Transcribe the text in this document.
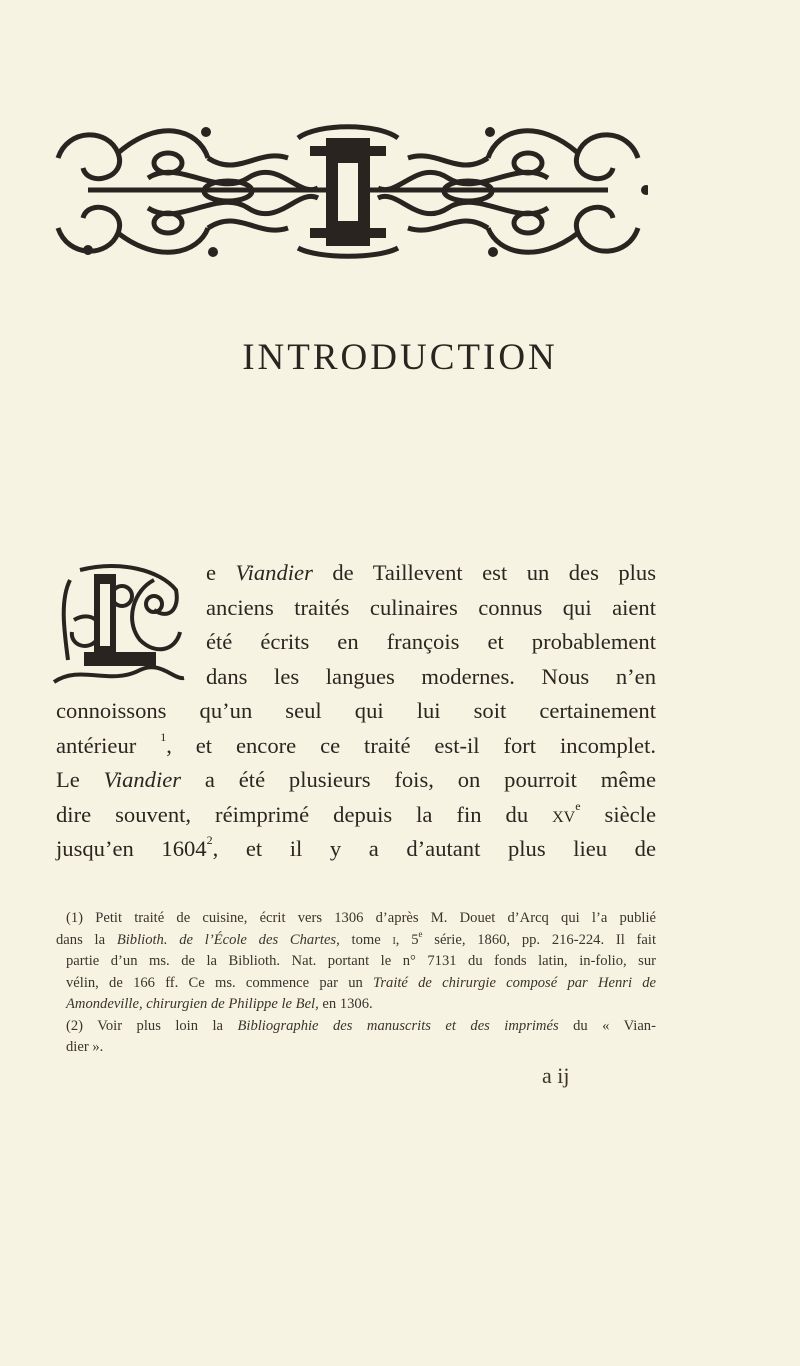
INTRODUCTION
e Viandier de Taillevent est un des plus
anciens traités culinaires connus qui aient
été écrits en françois et probablement
dans les langues modernes. Nous n’en
connoissons qu’un seul qui lui soit certainement
antérieur $^1$, et encore ce traité est-il fort incomplet.
Le Viandier a été plusieurs fois, on pourroit même
dire souvent, réimprimé depuis la fin du $xv^e$ siècle
jusqu’en 1604$^2$, et il y a d’autant plus lieu de

(1) Petit traité de cuisine, écrit vers 1306 d’après M. Douet d’Arcq qui l’a publié
dans la Biblioth. de l’École des Chartes, tome i, 5e série, 1860, pp. 216-224. Il fait
partie d’un ms. de la Biblioth. Nat. portant le n° 7131 du fonds latin, in-folio, sur
vélin, de 166 ff. Ce ms. commence par un Traité de chirurgie composé par Henri de
Amondeville, chirurgien de Philippe le Bel, en 1306.

(2) Voir plus loin la Bibliographie des manuscrits et des imprimés du « Vian-
dier ».

a ij
